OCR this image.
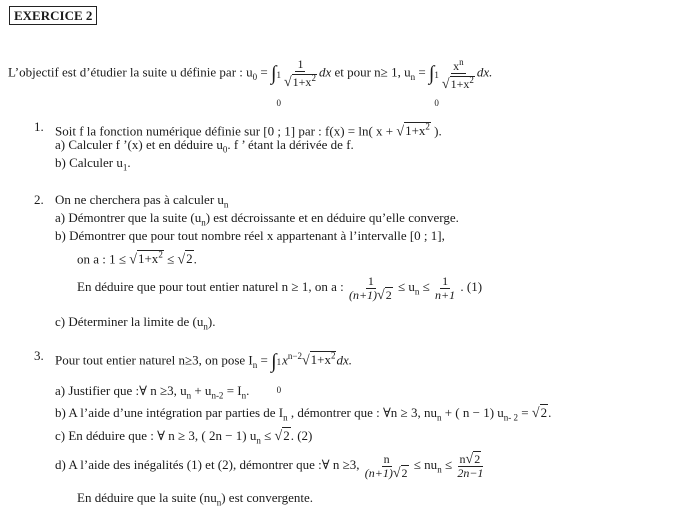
EXERCICE 2
L’objectif est d’étudier la suite u définie par : $u_0$ = ∫ 1
0
$\frac{1}{√1+x^2}$ dx et pour n≥ 1, $u_n$ = ∫ 1
0
$\frac{x^n}{√1+x^2}$ dx.
1. Soit f la fonction numérique définie sur [0 ; 1] par : f(x) = ln( $x + √1+x^2$ ).
a) Calculer f ’(x) et en déduire $u_0$. f ’ étant la dérivée de f.
b) Calculer $u_1$.
2. On ne cherchera pas à calculer $u_n$
a) Démontrer que la suite $(u_n)$ est décroissante et en déduire qu’elle converge.
b) Démontrer que pour tout nombre réel x appartenant à l’intervalle [0 ; 1],
on a : $1 \le √1+x^2 \le √2$.
En déduire que pour tout entier naturel n ≥ 1, on a : $\frac{1}{(n+1)√2} \le u_n \le \frac{1}{n+1}$ . (1)
c) Déterminer la limite de $(u_n)$.
3. Pour tout entier naturel n≥3, on pose $I_n$ = ∫ 1
0
$x^{n-2}√1+x^2dx$.
a) Justifier que :∀ n ≥3, $u_n + u_{n-2} = I_n$.
b) A l’aide d’une intégration par parties de $I_n$ , démontrer que : ∀n ≥ 3, $nu_n$ + ( n − 1) $u_{n- 2} = √2$.
c) En déduire que : ∀ n ≥ 3, ( 2n − 1) $u_n \le √2$. (2)
d) A l’aide des inégalités (1) et (2), démontrer que :∀ n ≥3, $\frac{n}{(n+1)√2} \le nu_n \le \frac{n√2}{2n-1}$
En déduire que la suite $(nu_n)$ est convergente.
